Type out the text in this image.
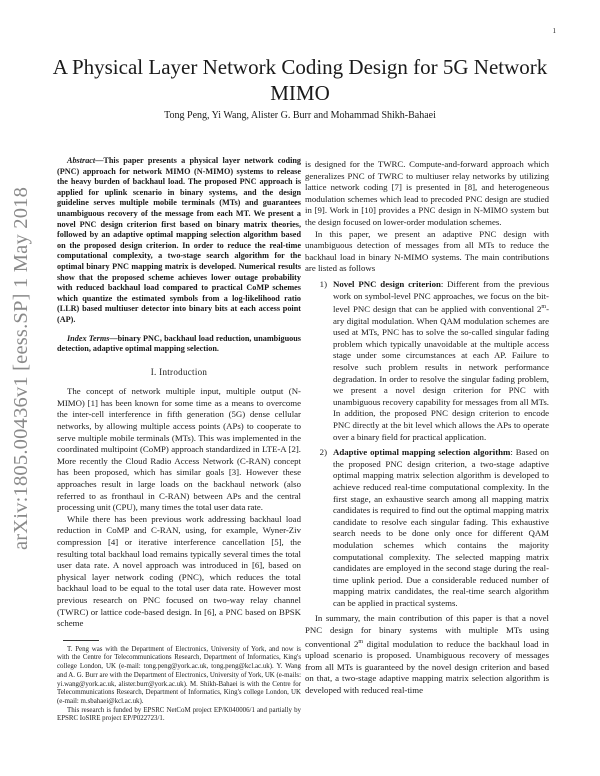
1
arXiv:1805.00436v1 [eess.SP] 1 May 2018
A Physical Layer Network Coding Design for 5G Network MIMO
Tong Peng, Yi Wang, Alister G. Burr and Mohammad Shikh-Bahaei

Abstract—This paper presents a physical layer network coding (PNC) approach for network MIMO (N-MIMO) systems to release the heavy burden of backhaul load. The proposed PNC approach is applied for uplink scenario in binary systems, and the design guideline serves multiple mobile terminals (MTs) and guarantees unambiguous recovery of the message from each MT. We present a novel PNC design criterion first based on binary matrix theories, followed by an adaptive optimal mapping selection algorithm based on the proposed design criterion. In order to reduce the real-time computational complexity, a two-stage search algorithm for the optimal binary PNC mapping matrix is developed. Numerical results show that the proposed scheme achieves lower outage probability with reduced backhaul load compared to practical CoMP schemes which quantize the estimated symbols from a log-likelihood ratio (LLR) based multiuser detector into binary bits at each access point (AP).

Index Terms—binary PNC, backhaul load reduction, unambiguous detection, adaptive optimal mapping selection.

I. Introduction

The concept of network multiple input, multiple output (N-MIMO) [1] has been known for some time as a means to overcome the inter-cell interference in fifth generation (5G) dense cellular networks, by allowing multiple access points (APs) to cooperate to serve multiple mobile terminals (MTs). This was implemented in the coordinated multipoint (CoMP) approach standardized in LTE-A [2]. More recently the Cloud Radio Access Network (C-RAN) concept has been proposed, which has similar goals [3]. However these approaches result in large loads on the backhaul network (also referred to as fronthaul in C-RAN) between APs and the central processing unit (CPU), many times the total user data rate.

While there has been previous work addressing backhaul load reduction in CoMP and C-RAN, using, for example, Wyner-Ziv compression [4] or iterative interference cancellation [5], the resulting total backhaul load remains typically several times the total user data rate. A novel approach was introduced in [6], based on physical layer network coding (PNC), which reduces the total backhaul load to be equal to the total user data rate. However most previous research on PNC focused on two-way relay channel (TWRC) or lattice code-based design. In [6], a PNC based on BPSK scheme

T. Peng was with the Department of Electronics, University of York, and now is with the Centre for Telecommunications Research, Department of Informatics, King's college London, UK (e-mail: tong.peng@york.ac.uk, tong.peng@kcl.ac.uk). Y. Wang and A. G. Burr are with the Department of Electronics, University of York, UK (e-mails: yi.wang@york.ac.uk, alister.burr@york.ac.uk). M. Shikh-Bahaei is with the Centre for Telecommunications Research, Department of Informatics, King's college London, UK (e-mail: m.sbahaei@kcl.ac.uk).

This research is funded by EPSRC NetCoM project EP/K040006/1 and partially by EPSRC IoSIRE project EP/P022723/1.

is designed for the TWRC. Compute-and-forward approach which generalizes PNC of TWRC to multiuser relay networks by utilizing lattice network coding [7] is presented in [8], and heterogeneous modulation schemes which lead to precoded PNC design are studied in [9]. Work in [10] provides a PNC design in N-MIMO system but the design focused on lower-order modulation schemes.

In this paper, we present an adaptive PNC design with unambiguous detection of messages from all MTs to reduce the backhaul load in binary N-MIMO systems. The main contributions are listed as follows

1) Novel PNC design criterion: Different from the previous work on symbol-level PNC approaches, we focus on the bit-level PNC design that can be applied with conventional 2$^m$-ary digital modulation. When QAM modulation schemes are used at MTs, PNC has to solve the so-called singular fading problem which typically unavoidable at the multiple access stage under some circumstances at each AP. Failure to resolve such problem results in network performance degradation. In order to resolve the singular fading problem, we present a novel design criterion for PNC with unambiguous recovery capability for messages from all MTs. In addition, the proposed PNC design criterion to encode PNC directly at the bit level which allows the APs to operate over a binary field for practical application.
2) Adaptive optimal mapping selection algorithm: Based on the proposed PNC design criterion, a two-stage adaptive optimal mapping matrix selection algorithm is developed to achieve reduced real-time computational complexity. In the first stage, an exhaustive search among all mapping matrix candidates is required to find out the optimal mapping matrix candidate to resolve each singular fading. This exhaustive search needs to be done only once for different QAM modulation schemes which contains the majority computational complexity. The selected mapping matrix candidates are employed in the second stage during the real-time uplink period. Due a considerable reduced number of mapping matrix candidates, the real-time search algorithm can be applied in practical systems.

In summary, the main contribution of this paper is that a novel PNC design for binary systems with multiple MTs using conventional 2$^m$ digital modulation to reduce the backhaul load in upload scenario is proposed. Unambiguous recovery of messages from all MTs is guaranteed by the novel design criterion and based on that, a two-stage adaptive mapping matrix selection algorithm is developed with reduced real-time
